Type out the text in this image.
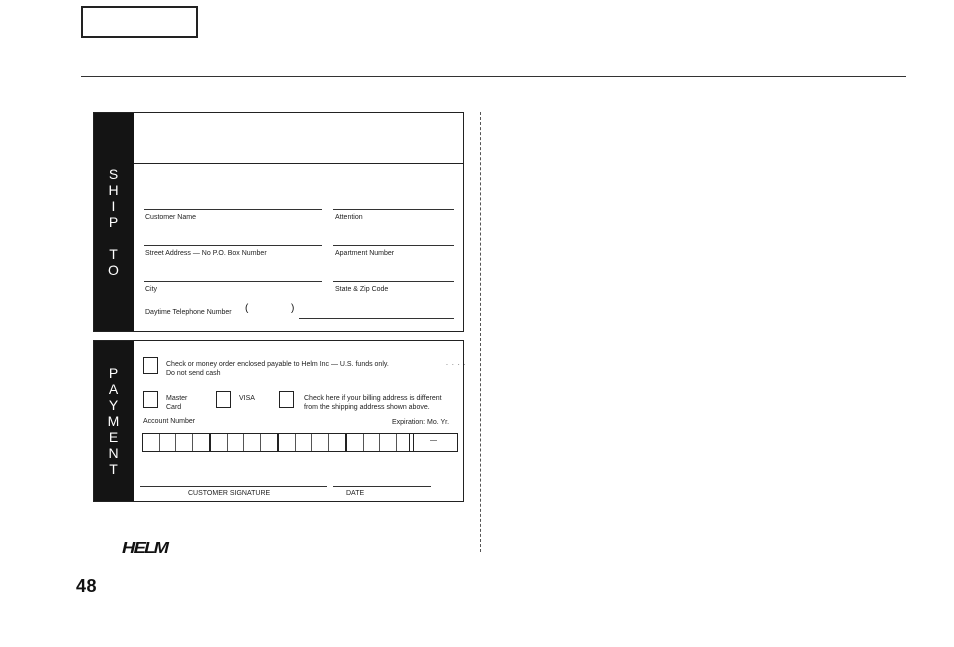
S
H
I
P
T
O
Customer Name	Attention
Street Address — No P.O. Box Number	Apartment Number
City	State & Zip Code
Daytime Telephone Number (	)
P
A
Y
M
E
N
T
Check or money order enclosed payable to Helm Inc — U.S. funds only.
Do not send cash
. . . .
Master
Card
VISA	Check here if your billing address is different
from the shipping address shown above.
Account Number	Expiration: Mo. Yr.
—
CUSTOMER SIGNATURE	DATE
HELM
48
